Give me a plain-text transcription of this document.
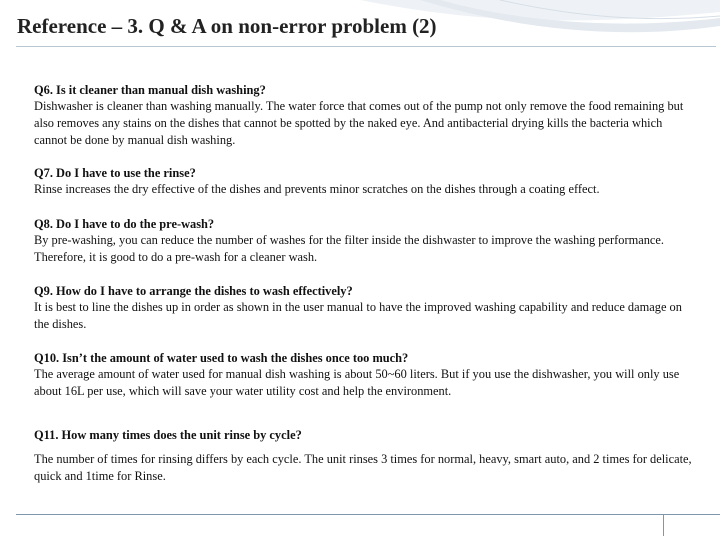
Reference – 3. Q & A on non-error problem (2)

Q6. Is it cleaner than manual dish washing?

Dishwasher is cleaner than washing manually. The water force that comes out of the pump not only remove the food remaining but also removes any stains on the dishes that cannot be spotted by the naked eye. And antibacterial drying kills the bacteria which cannot be done by manual dish washing.

Q7. Do I have to use the rinse?

Rinse increases the dry effective of the dishes and prevents minor scratches on the dishes through a coating effect.

Q8. Do I have to do the pre-wash?

By pre-washing, you can reduce the number of washes for the filter inside the dishwaster to improve the washing performance. Therefore, it is good to do a pre-wash for a cleaner wash.

Q9. How do I have to arrange the dishes to wash effectively?

It is best to line the dishes up in order as shown in the user manual to have the improved washing capability and reduce damage on the dishes.

Q10. Isn’t the amount of water used to wash the dishes once too much?

The average amount of water used for manual dish washing is about 50~60 liters. But if you use the dishwasher, you will only use about 16L per use, which will save your water utility cost and help the environment.

Q11. How many times does the unit rinse by cycle?

The number of times for rinsing differs by each cycle. The unit rinses 3 times for normal, heavy, smart auto, and 2 times for delicate, quick and 1time for Rinse.
